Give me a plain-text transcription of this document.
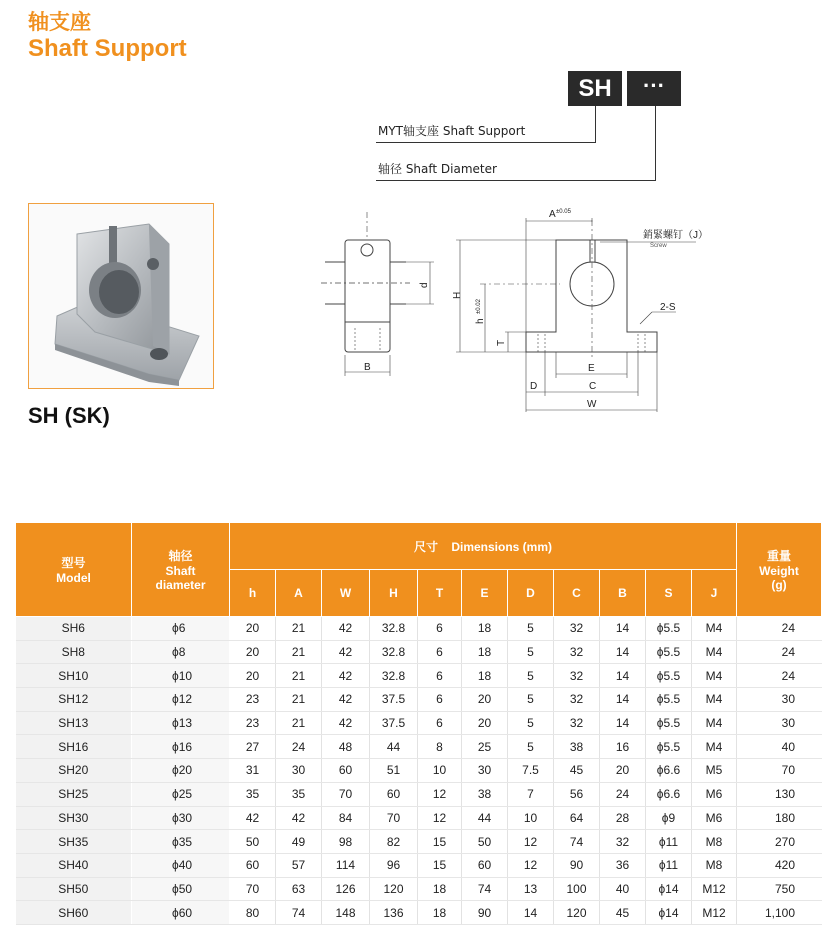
轴支座
Shaft Support
SH	···
MYT轴支座 Shaft Support
轴径 Shaft Diameter
SH (SK)
d
B
A ±0.05
銷緊螺钉（J）
Screw
H
h
±0.02
T
E
D	C
W
2-S
型号
Model	轴径
Shaft diameter	尺寸 Dimensions (mm)											重量
Weight (g)

		h	A	W	H	T	E	D	C	B	S	J	
SH6	ϕ6	20	21	42	32.8	6	18	5	32	14	ϕ5.5	M4	24
SH8	ϕ8	20	21	42	32.8	6	18	5	32	14	ϕ5.5	M4	24
SH10	ϕ10	20	21	42	32.8	6	18	5	32	14	ϕ5.5	M4	24
SH12	ϕ12	23	21	42	37.5	6	20	5	32	14	ϕ5.5	M4	30
SH13	ϕ13	23	21	42	37.5	6	20	5	32	14	ϕ5.5	M4	30
SH16	ϕ16	27	24	48	44	8	25	5	38	16	ϕ5.5	M4	40
SH20	ϕ20	31	30	60	51	10	30	7.5	45	20	ϕ6.6	M5	70
SH25	ϕ25	35	35	70	60	12	38	7	56	24	ϕ6.6	M6	130
SH30	ϕ30	42	42	84	70	12	44	10	64	28	ϕ9	M6	180
SH35	ϕ35	50	49	98	82	15	50	12	74	32	ϕ11	M8	270
SH40	ϕ40	60	57	114	96	15	60	12	90	36	ϕ11	M8	420
SH50	ϕ50	70	63	126	120	18	74	13	100	40	ϕ14	M12	750
SH60	ϕ60	80	74	148	136	18	90	14	120	45	ϕ14	M12	1,100
